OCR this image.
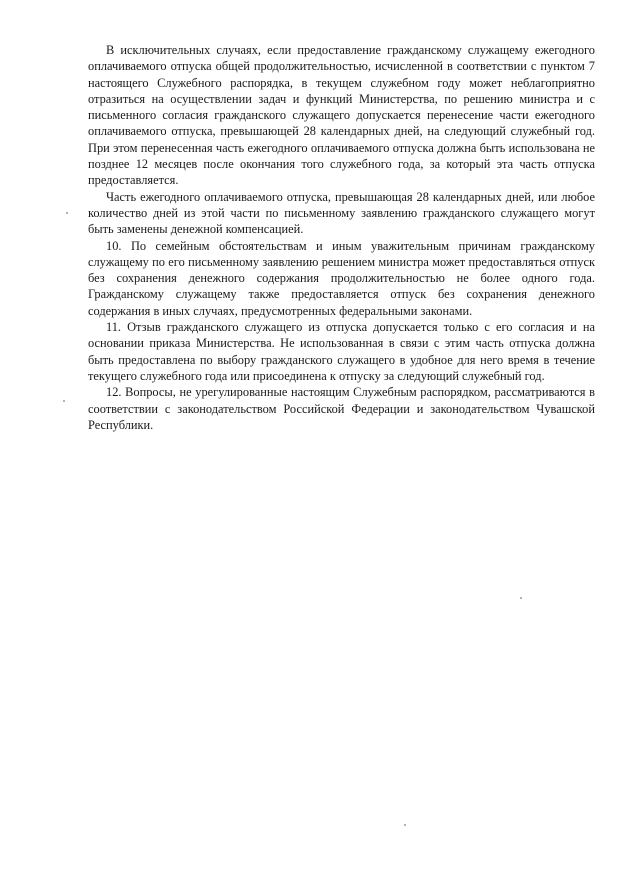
В исключительных случаях, если предоставление гражданскому служащему ежегодного оплачиваемого отпуска общей продолжительностью, исчисленной в соответствии с пунктом 7 настоящего Служебного распорядка, в текущем служебном году может неблагоприятно отразиться на осуществлении задач и функций Министерства, по решению министра и с письменного согласия гражданского служащего допускается перенесение части ежегодного оплачиваемого отпуска, превышающей 28 календарных дней, на следующий служебный год. При этом перенесенная часть ежегодного оплачиваемого отпуска должна быть использована не позднее 12 месяцев после окончания того служебного года, за который эта часть отпуска предоставляется.

Часть ежегодного оплачиваемого отпуска, превышающая 28 календарных дней, или любое количество дней из этой части по письменному заявлению гражданского служащего могут быть заменены денежной компенсацией.

10. По семейным обстоятельствам и иным уважительным причинам гражданскому служащему по его письменному заявлению решением министра может предоставляться отпуск без сохранения денежного содержания продолжительностью не более одного года. Гражданскому служащему также предоставляется отпуск без сохранения денежного содержания в иных случаях, предусмотренных федеральными законами.

11. Отзыв гражданского служащего из отпуска допускается только с его согласия и на основании приказа Министерства. Не использованная в связи с этим часть отпуска должна быть предоставлена по выбору гражданского служащего в удобное для него время в течение текущего служебного года или присоединена к отпуску за следующий служебный год.

12. Вопросы, не урегулированные настоящим Служебным распорядком, рассматриваются в соответствии с законодательством Российской Федерации и законодательством Чувашской Республики.
